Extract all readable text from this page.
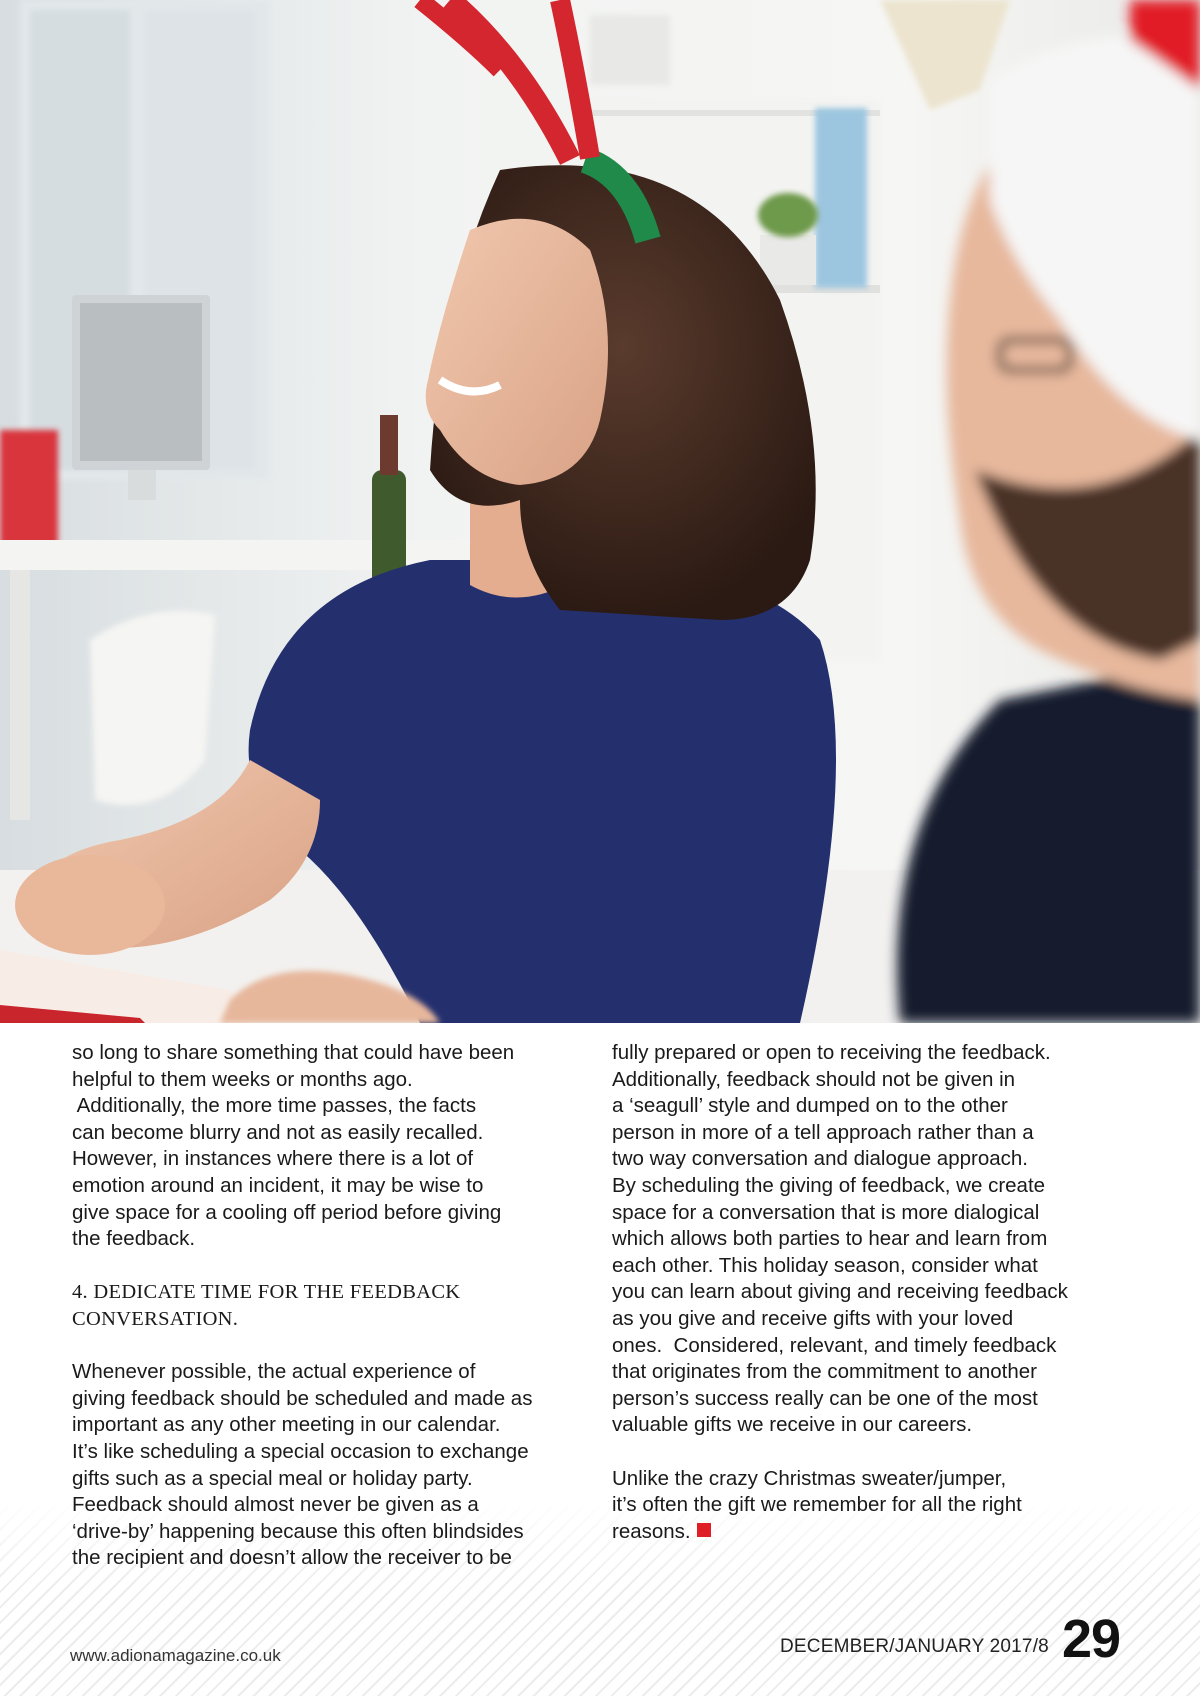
so long to share something that could have been
helpful to them weeks or months ago.
Additionally, the more time passes, the facts
can become blurry and not as easily recalled.
However, in instances where there is a lot of
emotion around an incident, it may be wise to
give space for a cooling off period before giving
the feedback.
4. DEDICATE TIME FOR THE FEEDBACK
CONVERSATION.
Whenever possible, the actual experience of
giving feedback should be scheduled and made as
important as any other meeting in our calendar.
It’s like scheduling a special occasion to exchange
gifts such as a special meal or holiday party.
Feedback should almost never be given as a
‘drive-by’ happening because this often blindsides
the recipient and doesn’t allow the receiver to be
fully prepared or open to receiving the feedback.
Additionally, feedback should not be given in
a ‘seagull’ style and dumped on to the other
person in more of a tell approach rather than a
two way conversation and dialogue approach.
By scheduling the giving of feedback, we create
space for a conversation that is more dialogical
which allows both parties to hear and learn from
each other. This holiday season, consider what
you can learn about giving and receiving feedback
as you give and receive gifts with your loved
ones.  Considered, relevant, and timely feedback
that originates from the commitment to another
person’s success really can be one of the most
valuable gifts we receive in our careers.
Unlike the crazy Christmas sweater/jumper,
it’s often the gift we remember for all the right
reasons.
www.adionamagazine.co.uk	DECEMBER/JANUARY 2017/8 29
